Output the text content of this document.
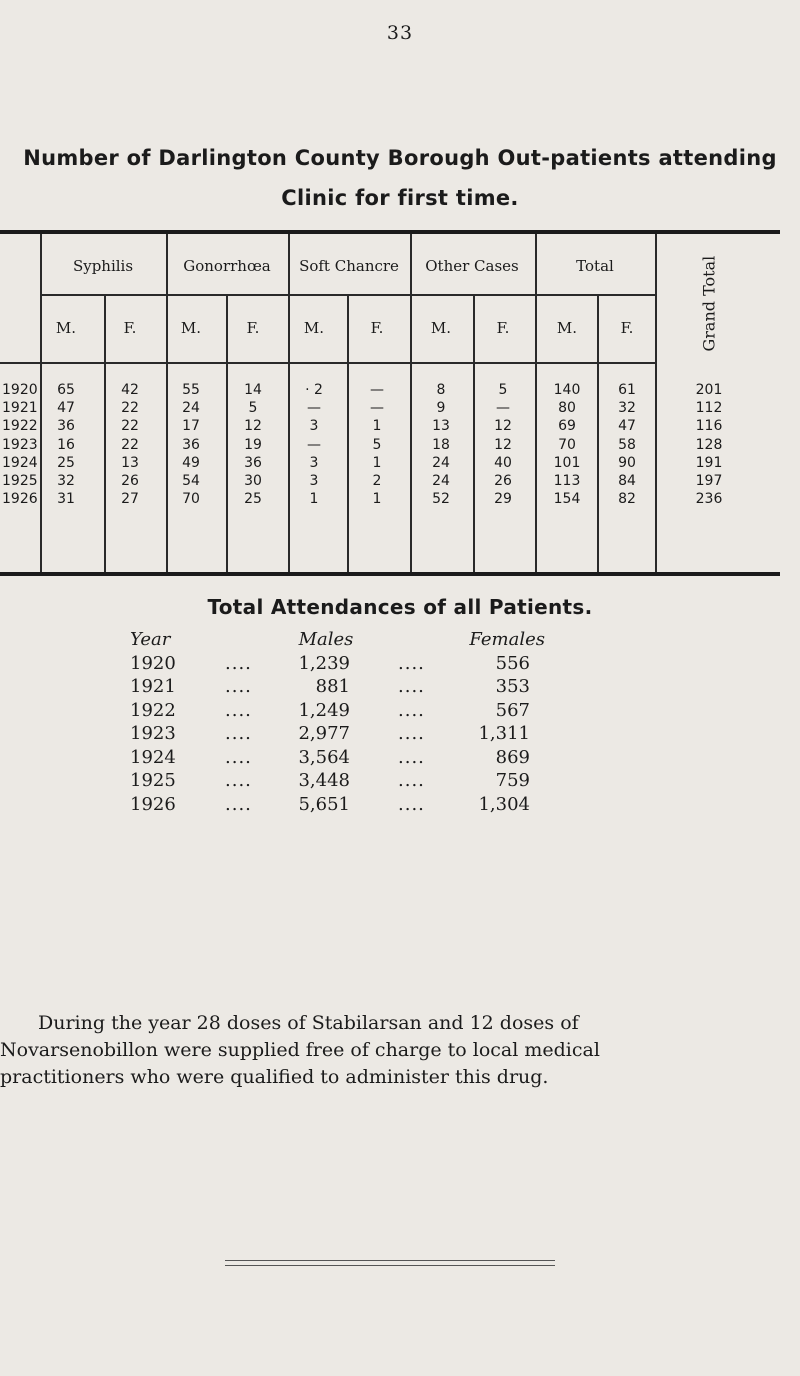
33
Number of Darlington County Borough Out-patients attending
Clinic for first time.
Syphilis	Gonorrhœa	Soft Chancre	Other Cases	Total	Grand Total
M.	F.	M.	F.	M.	F.	M.	F.	M.	F.
1920	65	42	55	14	· 2	—	8	5	140	61	201
1921	47	22	24	5	—	—	9	—	80	32	112
1922	36	22	17	12	3	1	13	12	69	47	116
1923	16	22	36	19	—	5	18	12	70	58	128
1924	25	13	49	36	3	1	24	40	101	90	191
1925	32	26	54	30	3	2	24	26	113	84	197
1926	31	27	70	25	1	1	52	29	154	82	236
Total Attendances of all Patients.
Year	Males	Females
1920	....	1,239	....	556
1921	....	881	....	353
1922	....	1,249	....	567
1923	....	2,977	....	1,311
1924	....	3,564	....	869
1925	....	3,448	....	759
1926	....	5,651	....	1,304
During the year 28 doses of Stabilarsan and 12 doses of
Novarsenobillon were supplied free of charge to local medical
practitioners who were qualified to administer this drug.
